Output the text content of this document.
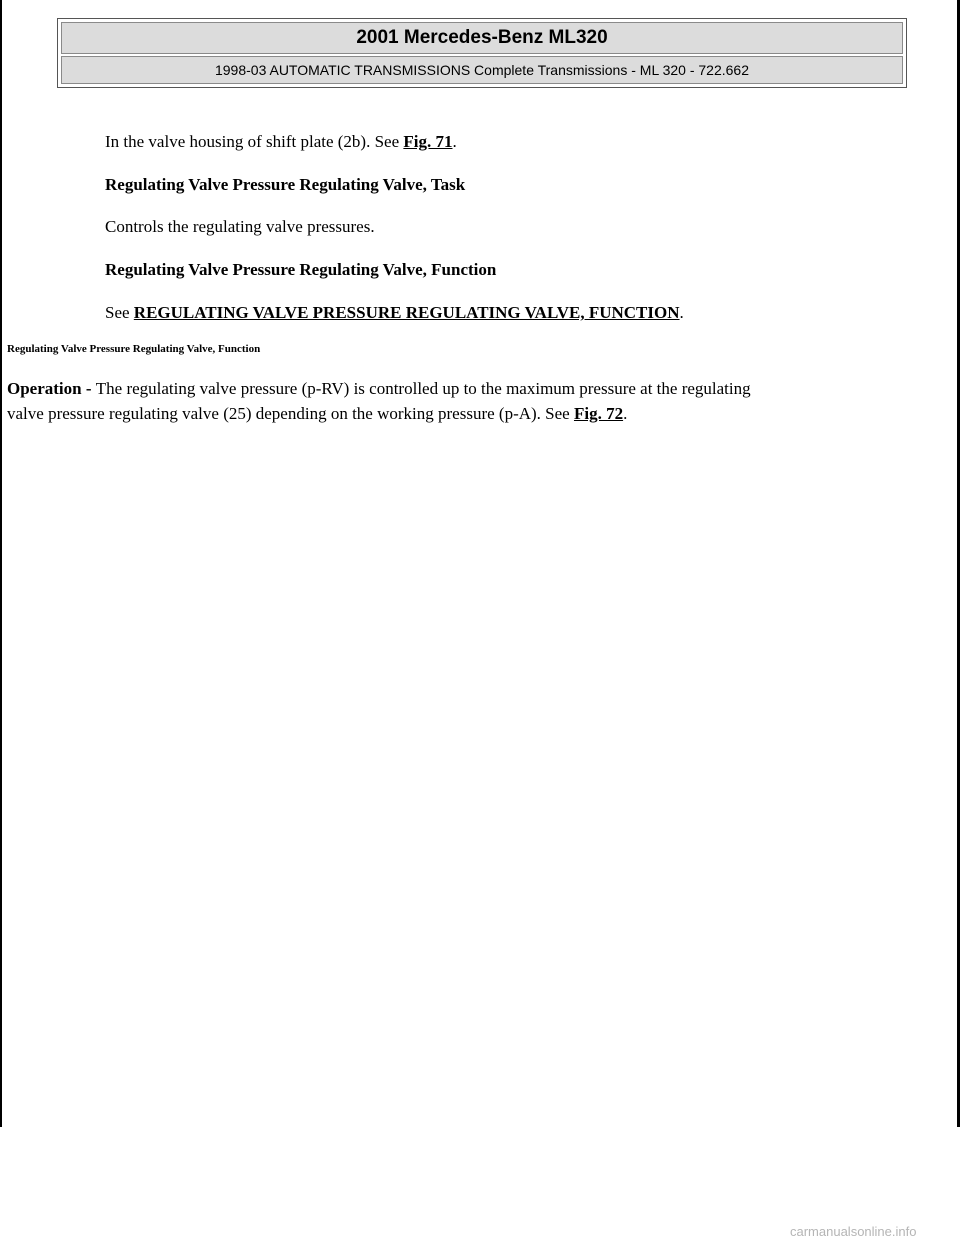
2001 Mercedes-Benz ML320
1998-03 AUTOMATIC TRANSMISSIONS Complete Transmissions - ML 320 - 722.662

In the valve housing of shift plate (2b). See Fig. 71.

Regulating Valve Pressure Regulating Valve, Task

Controls the regulating valve pressures.

Regulating Valve Pressure Regulating Valve, Function

See REGULATING VALVE PRESSURE REGULATING VALVE, FUNCTION.

Regulating Valve Pressure Regulating Valve, Function

Operation - The regulating valve pressure (p-RV) is controlled up to the maximum pressure at the regulating

valve pressure regulating valve (25) depending on the working pressure (p-A). See Fig. 72.

carmanualsonline.info
